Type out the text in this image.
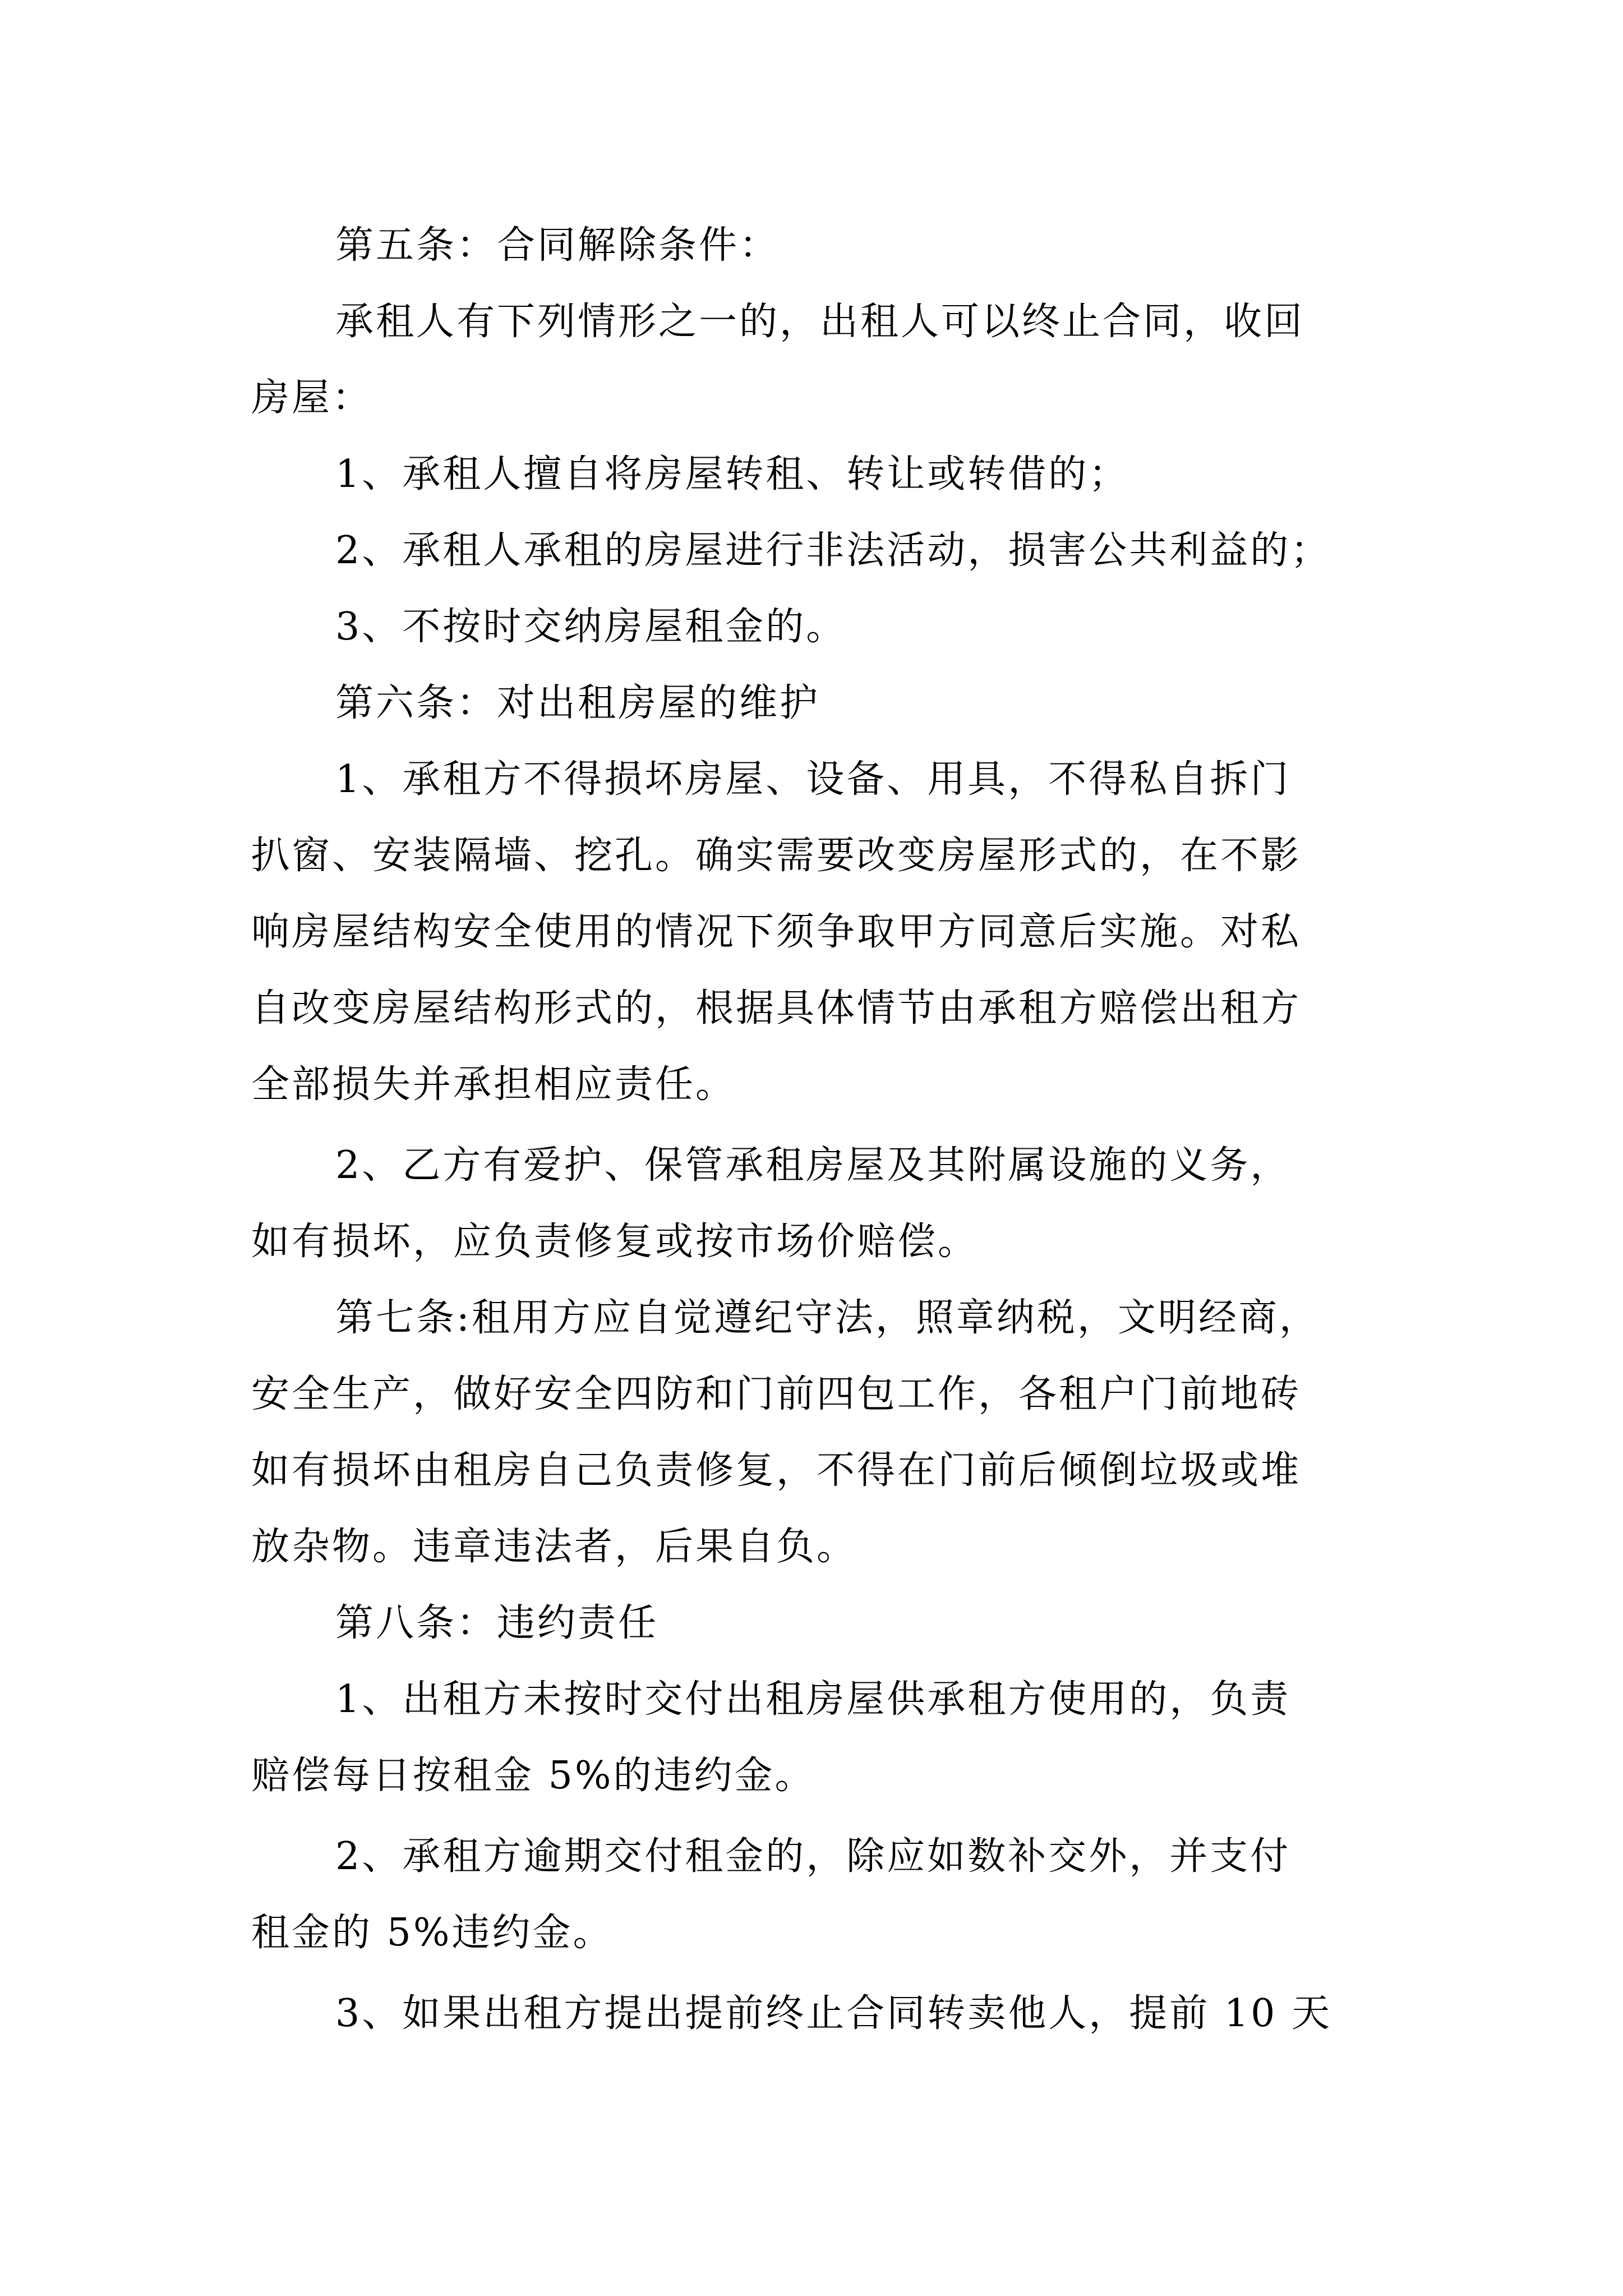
第五条：合同解除条件：
承租人有下列情形之一的，出租人可以终止合同，收回
房屋：
1、承租人擅自将房屋转租、转让或转借的；
2、承租人承租的房屋进行非法活动，损害公共利益的；
3、不按时交纳房屋租金的。
第六条：对出租房屋的维护
1、承租方不得损坏房屋、设备、用具，不得私自拆门
扒窗、安装隔墙、挖孔。确实需要改变房屋形式的，在不影
响房屋结构安全使用的情况下须争取甲方同意后实施。对私
自改变房屋结构形式的，根据具体情节由承租方赔偿出租方
全部损失并承担相应责任。
2、乙方有爱护、保管承租房屋及其附属设施的义务，
如有损坏，应负责修复或按市场价赔偿。
第七条:租用方应自觉遵纪守法，照章纳税，文明经商，
安全生产，做好安全四防和门前四包工作，各租户门前地砖
如有损坏由租房自己负责修复，不得在门前后倾倒垃圾或堆
放杂物。违章违法者，后果自负。
第八条：违约责任
1、出租方未按时交付出租房屋供承租方使用的，负责
赔偿每日按租金 5%的违约金。
2、承租方逾期交付租金的，除应如数补交外，并支付
租金的 5%违约金。
3、如果出租方提出提前终止合同转卖他人，提前 10 天
